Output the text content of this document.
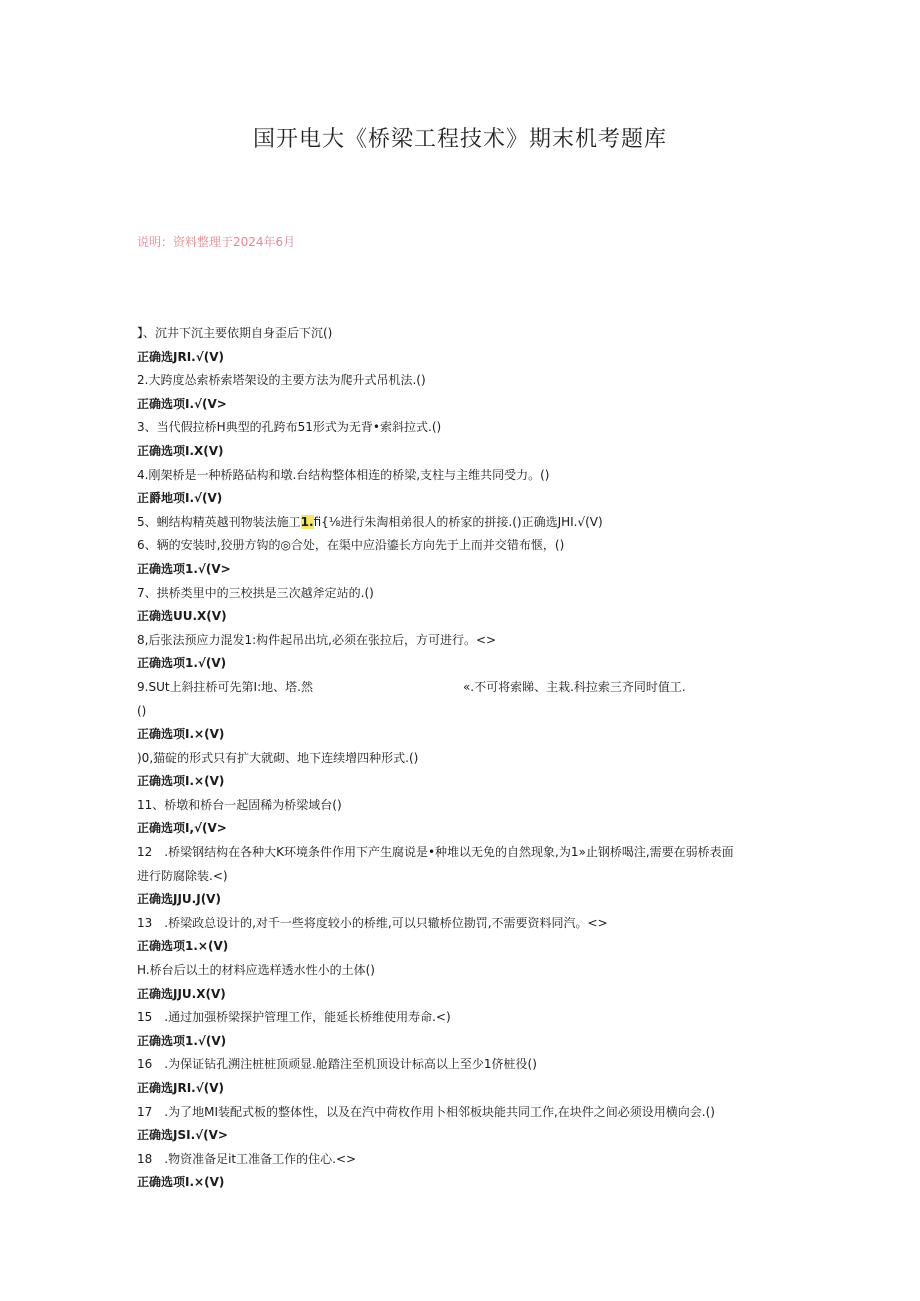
国开电大《桥梁工程技术》期末机考题库
说明：资料整理于2024年6月
】、沉井下沉主要依期自身歪后下沉()
正确选JRI.√(V)
2.大跨度怂索桥索塔架设的主要方法为爬升式吊机法.()
正确选项I.√(V>
3、当代假拉桥H典型的孔跨布51形式为无背•索斜拉式.()
正确选项I.X(V)
4.刚架桥是一种桥路砧构和墩.台结构整体相连的桥梁,支柱与主维共同受力。()
正爵地项I.√(V)
5、蜊结构精英越刊物装法施工1.fi{⅛进行朱淘相弟很人的桥家的拼接.()正确选JHI.√(V)
6、辆的安装时,狡册方钩的◎合处，在渠中应沿鎏长方向先于上而并交错布惬，()
正确选项1.√(V>
7、拱桥类里中的三校拱是三次越斧定站的.()
正确选UU.X(V)
8,后张法预应力混发1:构件起吊出坑,必须在张拉后，方可进行。<>
正确选项1.√(V)
9.SUt上斜拄桥可先第I:地、塔.然	«.不可将索睇、主栽.科拉索三齐同时值工.
()
正确选项I.×(V)
)0,猫碇的形式只有扩大就砌、地下连续增四种形式.()
正确选项I.×(V)
11、桥墩和桥台一起固稀为桥梁域台()
正确选项I,√(V>
12 .桥梁钢结构在各种大K环境条件作用下产生腐说是•种堆以无免的自然现象,为1»止钢桥喝注,需要在弱桥表面
进行防腐除装.<)
正确选JJU.J(V)
13 .桥梁政总设计的,对千一些将度较小的桥维,可以只辙桥位勘罚,不需要资料同汽。<>
正确选项1.×(V)
H.桥台后以土的材料应选样透水性小的土体()
正确选JJU.X(V)
15 .通过加强桥梁探护管理工作，能延长桥维使用寿命.<)
正确选项1.√(V)
16 .为保证钻孔溯注桩桩顶顽显.舱踏注至机顶设计标高以上至少1侪桩役()
正确选JRI.√(V)
17 .为了地MI装配式板的整体性，以及在汽中荷枚作用卜相邻板块能共同工作,在块件之间必须设用横向会.()
正确选JSI.√(V>
18 .物资准备足it工准备工作的住心.<>
正确选项I.×(V)
